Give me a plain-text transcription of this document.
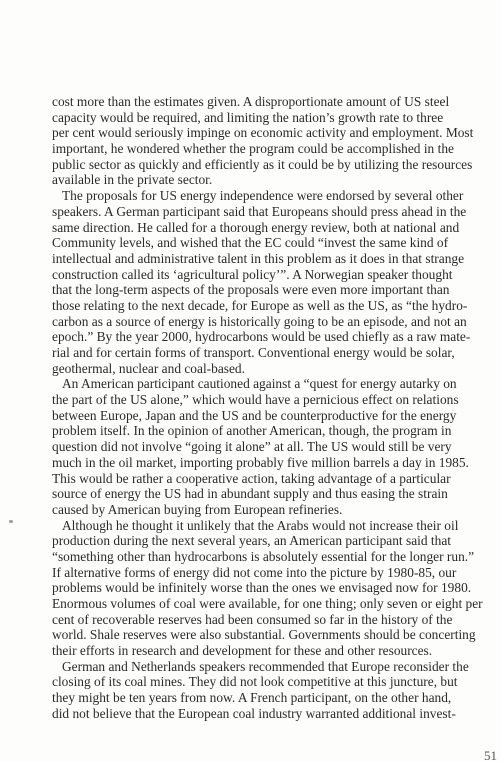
cost more than the estimates given. A disproportionate amount of US steel
capacity would be required, and limiting the nation’s growth rate to three
per cent would seriously impinge on economic activity and employment. Most
important, he wondered whether the program could be accomplished in the
public sector as quickly and efficiently as it could be by utilizing the resources
available in the private sector.
The proposals for US energy independence were endorsed by several other
speakers. A German participant said that Europeans should press ahead in the
same direction. He called for a thorough energy review, both at national and
Community levels, and wished that the EC could “invest the same kind of
intellectual and administrative talent in this problem as it does in that strange
construction called its ‘agricultural policy’”. A Norwegian speaker thought
that the long-term aspects of the proposals were even more important than
those relating to the next decade, for Europe as well as the US, as “the hydro-
carbon as a source of energy is historically going to be an episode, and not an
epoch.” By the year 2000, hydrocarbons would be used chiefly as a raw mate-
rial and for certain forms of transport. Conventional energy would be solar,
geothermal, nuclear and coal-based.
An American participant cautioned against a “quest for energy autarky on
the part of the US alone,” which would have a pernicious effect on relations
between Europe, Japan and the US and be counterproductive for the energy
problem itself. In the opinion of another American, though, the program in
question did not involve “going it alone” at all. The US would still be very
much in the oil market, importing probably five million barrels a day in 1985.
This would be rather a cooperative action, taking advantage of a particular
source of energy the US had in abundant supply and thus easing the strain
caused by American buying from European refineries.
Although he thought it unlikely that the Arabs would not increase their oil
production during the next several years, an American participant said that
“something other than hydrocarbons is absolutely essential for the longer run.”
If alternative forms of energy did not come into the picture by 1980-85, our
problems would be infinitely worse than the ones we envisaged now for 1980.
Enormous volumes of coal were available, for one thing; only seven or eight per
cent of recoverable reserves had been consumed so far in the history of the
world. Shale reserves were also substantial. Governments should be concerting
their efforts in research and development for these and other resources.
German and Netherlands speakers recommended that Europe reconsider the
closing of its coal mines. They did not look competitive at this juncture, but
they might be ten years from now. A French participant, on the other hand,
did not believe that the European coal industry warranted additional invest-
51
